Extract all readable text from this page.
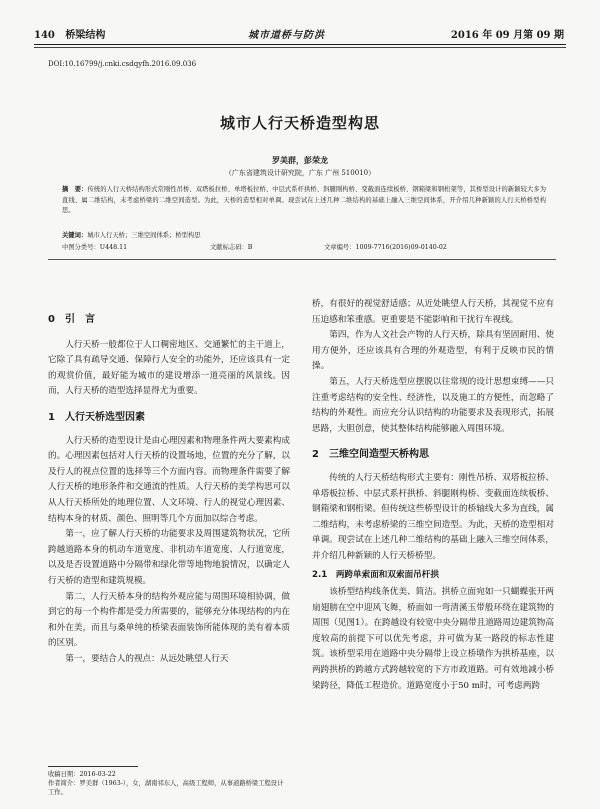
140 桥梁结构	城市道桥与防洪	2016 年 09 月第 09 期
DOI:10.16799/j.cnki.csdqyfh.2016.09.036
城市人行天桥造型构思
罗美群，彭荣龙
（广东省建筑设计研究院，广东 广州 510010）
摘　要：传统的人行天桥结构形式常刚性吊桥、双塔板拉桥、单塔板拉桥、中层式系杆拱桥、斜腿刚构桥、变截面连续板桥、钢箱梁和钢桁架等，其桥型设计的新颖较大多为直线、属二维结构，未考虑桥梁的二维空间造型。为此，天桥的造型相对单调。现尝试在上述几种二维结构的基础上融入三维空间体系，开介绍几种新颖的人行天桥桥型构思。
关键词：城市人行天桥；三维空间体系；桥型构思
中图分类号：U448.11	文献标志码：B	文章编号：1009-7716(2016)09-0140-02
0　引　言

人行天桥一般都位于人口稠密地区、交通繁忙的主干道上，它除了具有疏导交通、保障行人安全的功能外，还应该具有一定的观赏价值，最好能为城市的建设增添一道亮丽的风景线。因而，人行天桥的造型选择显得尤为重要。

1　人行天桥选型因素

人行天桥的造型设计是由心理因素和物理条件两大要素构成的。心理因素包括对人行天桥的设置场地，位置的充分了解，以及行人的视点位置的选择等三个方面内容。而物理条件需要了解人行天桥的地形条件和交通流的性质。人行天桥的美学构思可以从人行天桥所处的地理位置、人文环境、行人的视觉心理因素、结构本身的材质、颜色、照明等几个方面加以综合考虑。

第一，应了解人行天桥的功能要求及周围建筑物状况，它所跨越道路本身的机动车道宽度、非机动车道宽度、人行道宽度，以及是否设置道路中分隔带和绿化带等地物地貌情况，以确定人行天桥的造型和建筑规模。

第二，人行天桥本身的结构外观应能与周围环境相协调，做到它的每一个构件都是受力所需要的，能够充分体现结构的内在和外在美，而且与桑单纯的桥梁表面装饰所能体现的美有着本质的区别。

第一，要结合人的视点：从远处眺望人行天

桥，有很好的视觉舒适感；从近处眺望人行天桥，其视觉不应有压迫感和笨重感。更重要是不能影响和干扰行车视线。

第四，作为人文社会产物的人行天桥，除具有坚固耐用、使用方便外，还应该具有合理的外观造型，有利于反映市民的情操。

第五，人行天桥选型应摆脱以往常规的设计思想束缚——只注重考虑结构的安全性、经济性，以及施工的方便性，而忽略了结构的外观性。而应充分认识结构的功能要求及表现形式，拓展思路，大胆创意，使其整体结构能够融入周围环境。

2　三维空间造型天桥构思

传统的人行天桥结构形式主要有：刚性吊桥、双塔板拉桥、单塔板拉桥、中层式系杆拱桥、斜腿刚构桥、变截面连续板桥、钢箱梁和钢桁梁。但传统这些桥型设计的桥轴线大多为直线，属二维结构，未考虑桥梁的三维空间造型。为此，天桥的造型相对单调。现尝试在上述几种二维结构的基础上融入三维空间体系，并介绍几种新颖的人行天桥桥型。

2.1　两跨单索面和双索面吊杆拱

该桥型结构线条优美、简洁。拱桥立面宛如一只蝴蝶张开两扇翅膀在空中迎风飞舞，桥面如一弯清溪玉带般环绕在建筑物的周围（见图1）。在跨越设有较宽中央分隔带且道路周边建筑物高度较高的前提下可以优先考虑，并可做为某一路段的标志性建筑。该桥型采用在道路中央分隔带上设立桥墩作为拱桥基座，以两跨拱桥的跨越方式跨越较宽的下方市政道路。可有效地减小桥梁跨径，降低工程造价。道路宽度小于50 m时，可考虑两跨

收稿日期：2016-03-22
作者简介：罗美群（1963-），女，湖南祁东人，高级工程师，从事道路桥梁工程设计工作。
